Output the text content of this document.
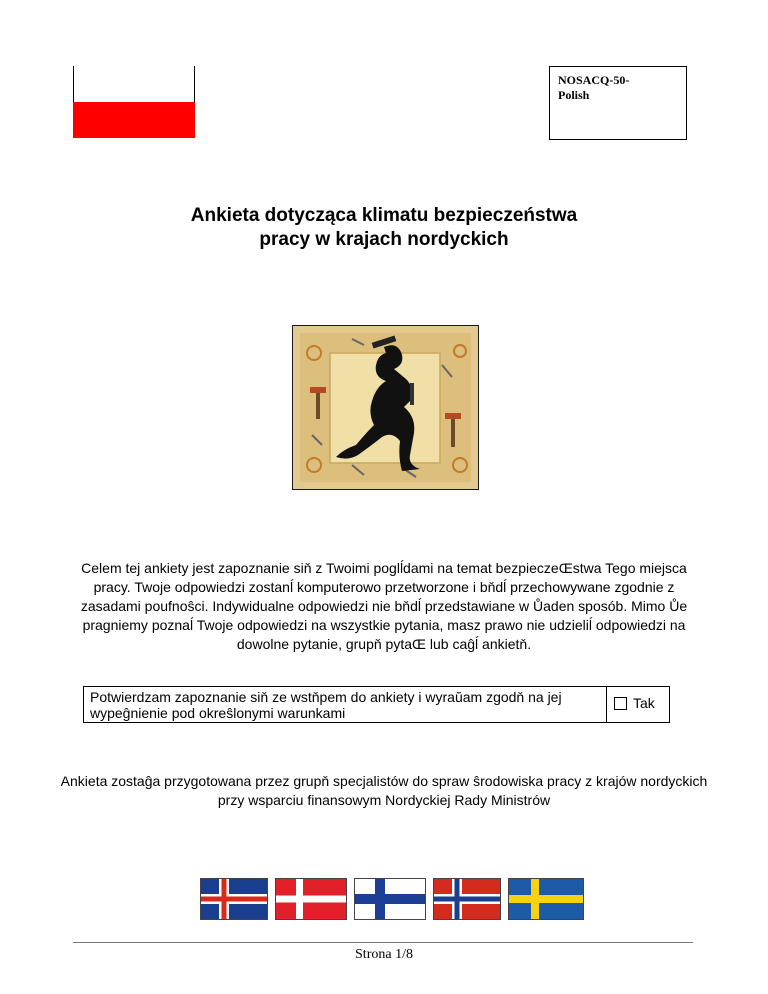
NOSACQ-50-
Polish
Ankieta dotycząca klimatu bezpieczeństwa
pracy w krajach nordyckich
Celem tej ankiety jest zapoznanie siň z Twoimi poglĺdami na temat bezpieczeŒstwa Tego miejsca pracy. Twoje odpowiedzi zostanĺ komputerowo przetworzone i bňdĺ przechowywane zgodnie z zasadami poufnoŝci. Indywidualne odpowiedzi nie bňdĺ przedstawiane w Ůaden sposób. Mimo Ůe pragniemy poznaĺ Twoje odpowiedzi na wszystkie pytania, masz prawo nie udzieliĺ odpowiedzi na dowolne pytanie, grupň pytaŒ lub caĝĺ ankietň.
Potwierdzam zapoznanie siň ze wstňpem do ankiety i wyraŭam zgodň na jej wypeĝnienie pod okreŝlonymi warunkami
Tak
Ankieta zostaĝa przygotowana przez grupň specjalistów do spraw ŝrodowiska pracy z krajów nordyckich przy wsparciu finansowym Nordyckiej Rady Ministrów
Strona 1/8
